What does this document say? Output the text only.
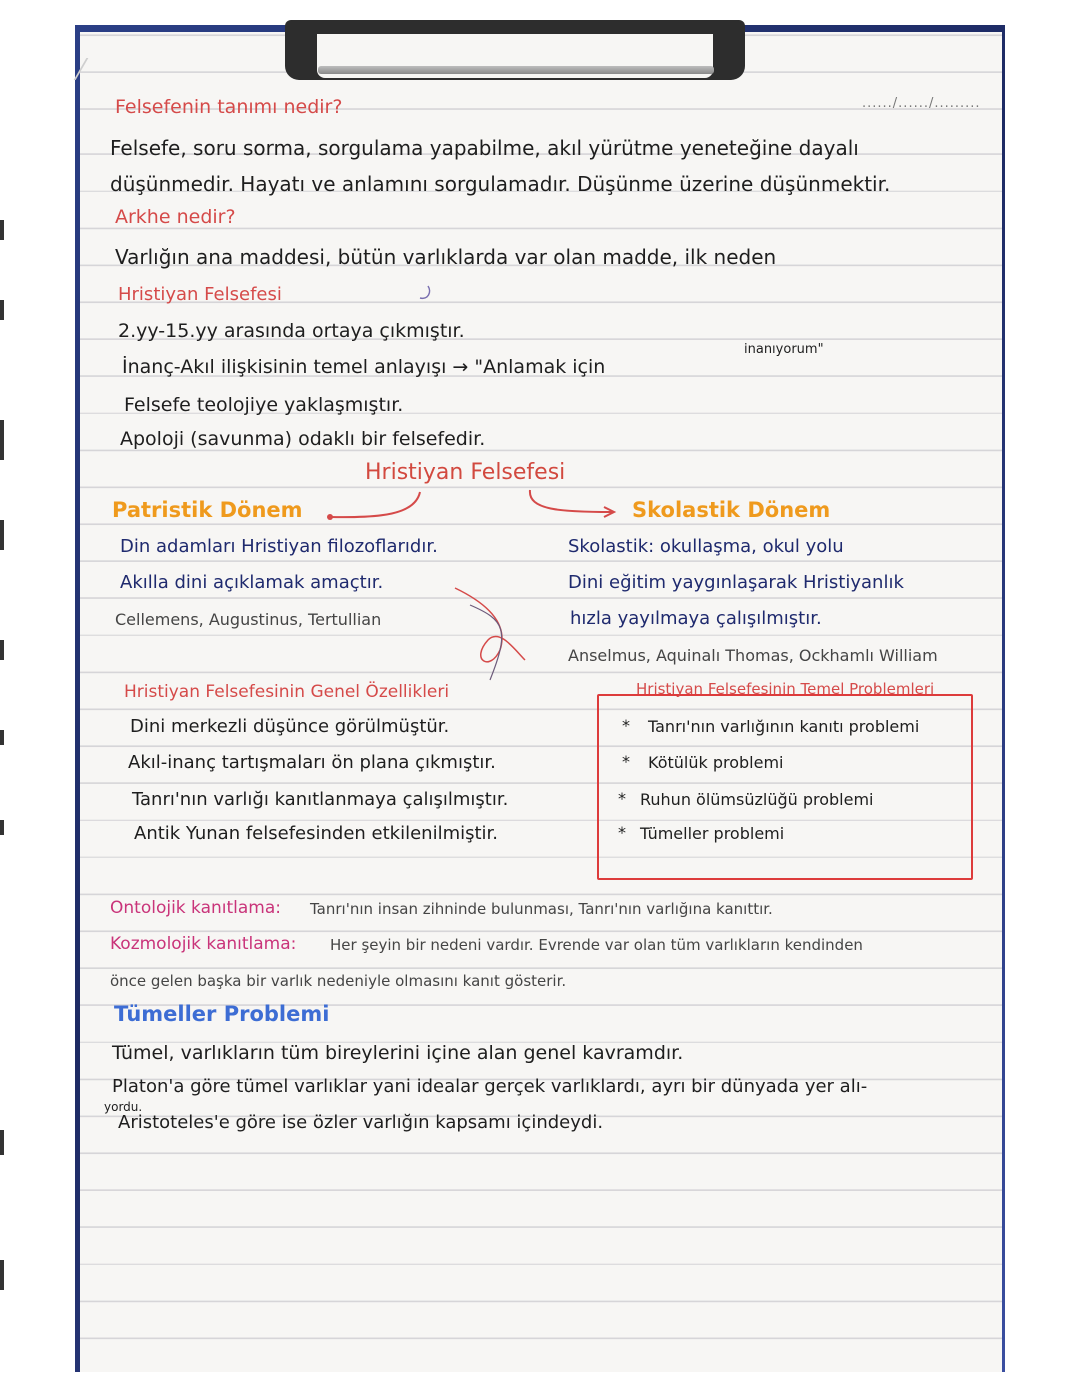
....../....../.........
Felsefenin tanımı nedir?
Felsefe, soru sorma, sorgulama yapabilme, akıl yürütme yeneteğine dayalı
düşünmedir. Hayatı ve anlamını sorgulamadır. Düşünme üzerine düşünmektir.
Arkhe nedir?
Varlığın ana maddesi, bütün varlıklarda var olan madde, ilk neden
Hristiyan Felsefesi
2.yy-15.yy arasında ortaya çıkmıştır.
İnanç-Akıl ilişkisinin temel anlayışı → "Anlamak için
inanıyorum"
Felsefe teolojiye yaklaşmıştır.
Apoloji (savunma) odaklı bir felsefedir.
Hristiyan Felsefesi
Patristik Dönem	Skolastik Dönem
Din adamları Hristiyan filozoflarıdır.
Akılla dini açıklamak amaçtır.
Cellemens, Augustinus, Tertullian
Skolastik: okullaşma, okul yolu
Dini eğitim yaygınlaşarak Hristiyanlık
hızla yayılmaya çalışılmıştır.
Anselmus, Aquinalı Thomas, Ockhamlı William
Hristiyan Felsefesinin Genel Özellikleri
Dini merkezli düşünce görülmüştür.
Akıl-inanç tartışmaları ön plana çıkmıştır.
Tanrı'nın varlığı kanıtlanmaya çalışılmıştır.
Antik Yunan felsefesinden etkilenilmiştir.
Hristiyan Felsefesinin Temel Problemleri
* Tanrı'nın varlığının kanıtı problemi
* Kötülük problemi
* Ruhun ölümsüzlüğü problemi
* Tümeller problemi
Ontolojik kanıtlama: Tanrı'nın insan zihninde bulunması, Tanrı'nın varlığına kanıttır.
Kozmolojik kanıtlama: Her şeyin bir nedeni vardır. Evrende var olan tüm varlıkların kendinden
önce gelen başka bir varlık nedeniyle olmasını kanıt gösterir.
Tümeller Problemi
Tümel, varlıkların tüm bireylerini içine alan genel kavramdır.
Platon'a göre tümel varlıklar yani idealar gerçek varlıklardı, ayrı bir dünyada yer alı-
yordu.
Aristoteles'e göre ise özler varlığın kapsamı içindeydi.
